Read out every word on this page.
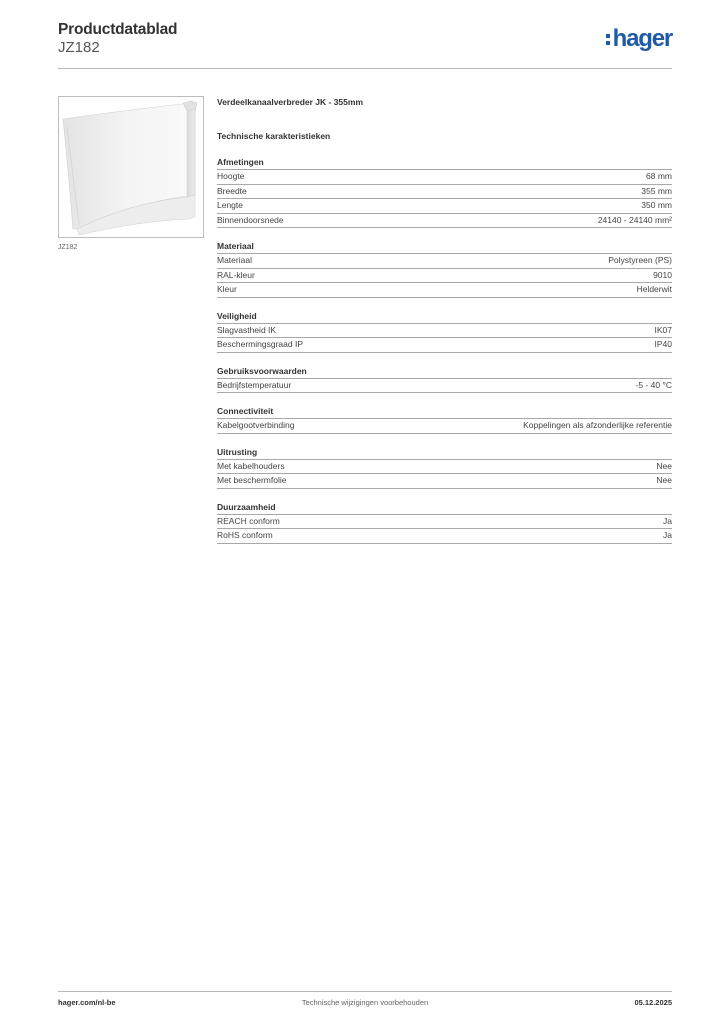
Productdatablad
JZ182	hager
JZ182
Verdeelkanaalverbreder JK - 355mm
Technische karakteristieken
Afmetingen
Hoogte	68 mm
Breedte	355 mm
Lengte	350 mm
Binnendoorsnede	24140 - 24140 mm²
Materiaal
Materiaal	Polystyreen (PS)
RAL-kleur	9010
Kleur	Helderwit
Veiligheid
Slagvastheid IK	IK07
Beschermingsgraad IP	IP40
Gebruiksvoorwaarden
Bedrijfstemperatuur	-5 - 40 °C
Connectiviteit
Kabelgootverbinding	Koppelingen als afzonderlijke referentie
Uitrusting
Met kabelhouders	Nee
Met beschermfolie	Nee
Duurzaamheid
REACH conform	Ja
RoHS conform	Ja
hager.com/nl-be	Technische wijzigingen voorbehouden	05.12.2025
